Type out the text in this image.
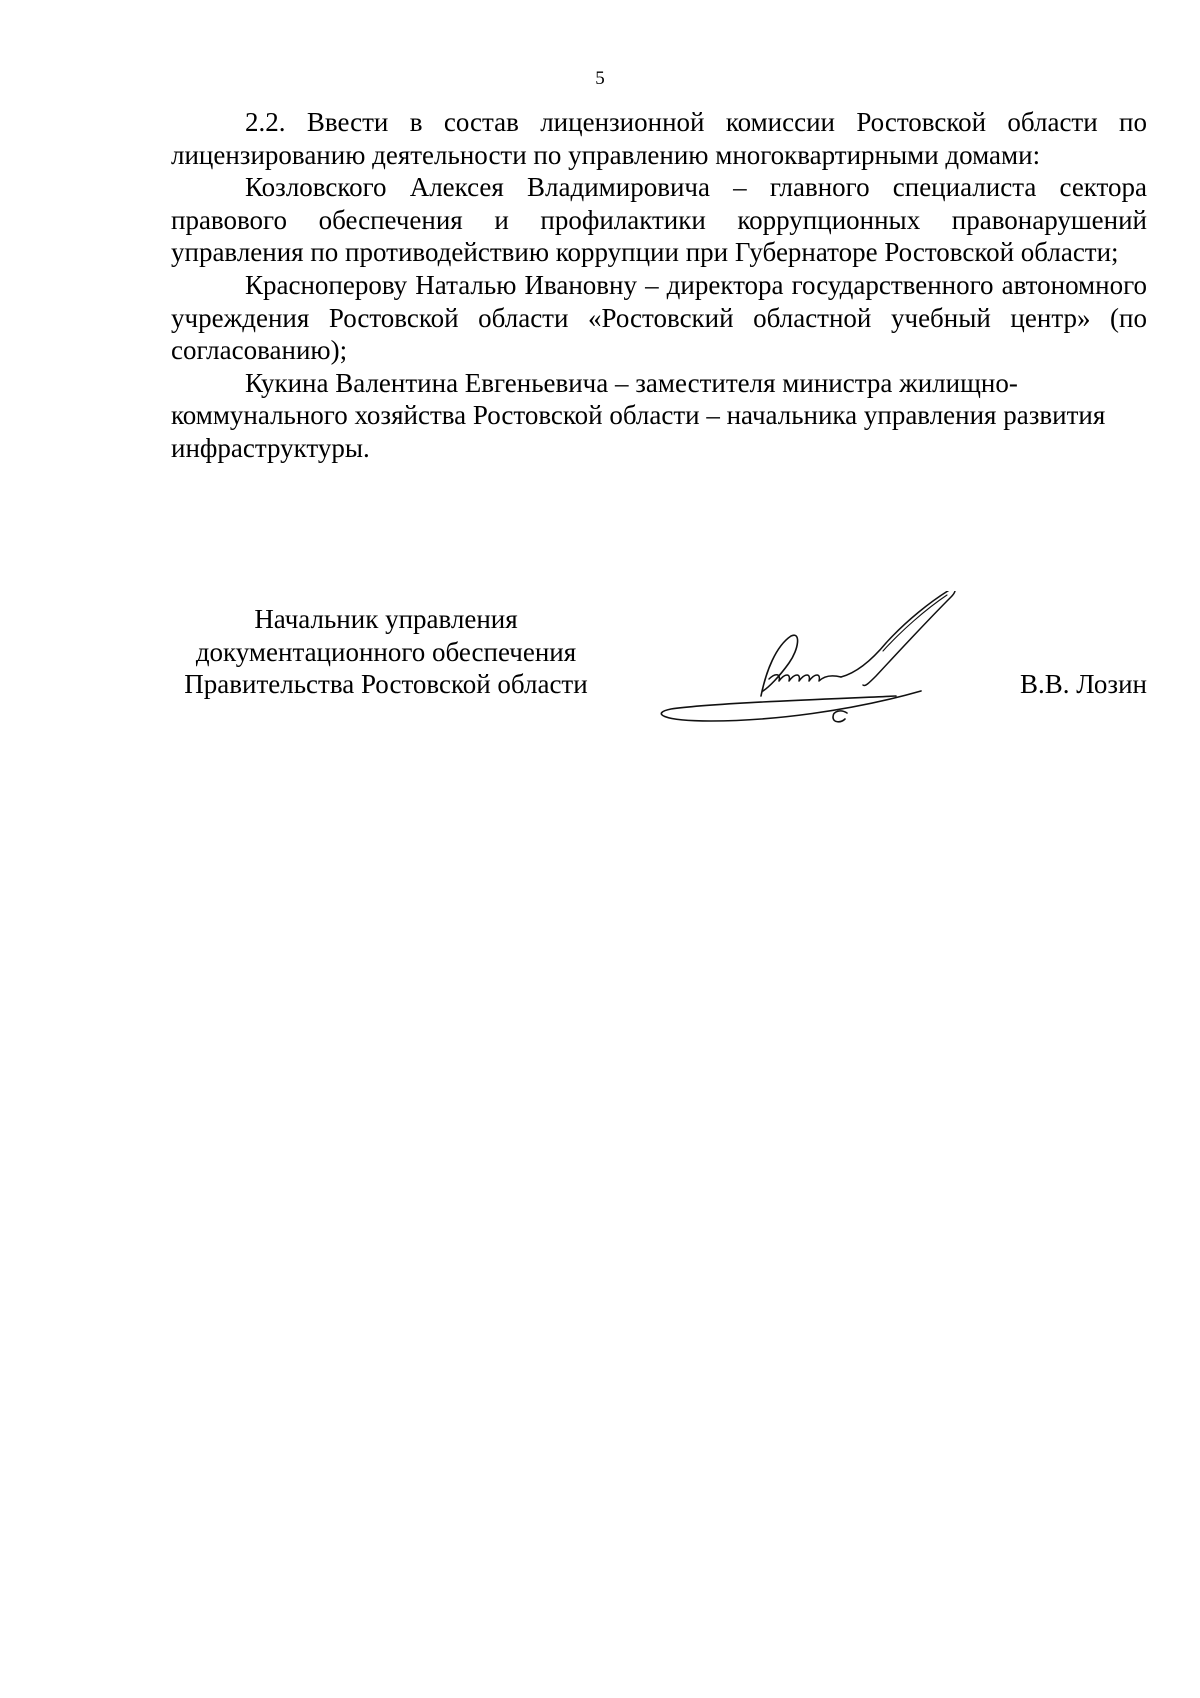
5

2.2. Ввести в состав лицензионной комиссии Ростовской области по лицензированию деятельности по управлению многоквартирными домами:

Козловского Алексея Владимировича – главного специалиста сектора правового обеспечения и профилактики коррупционных правонарушений управления по противодействию коррупции при Губернаторе Ростовской области;

Красноперову Наталью Ивановну – директора государственного автономного учреждения Ростовской области «Ростовский областной учебный центр» (по согласованию);

Кукина Валентина Евгеньевича – заместителя министра жилищно-коммунального хозяйства Ростовской области – начальника управления развития инфраструктуры.

Начальник управления
документационного обеспечения
Правительства Ростовской области	В.В. Лозин
